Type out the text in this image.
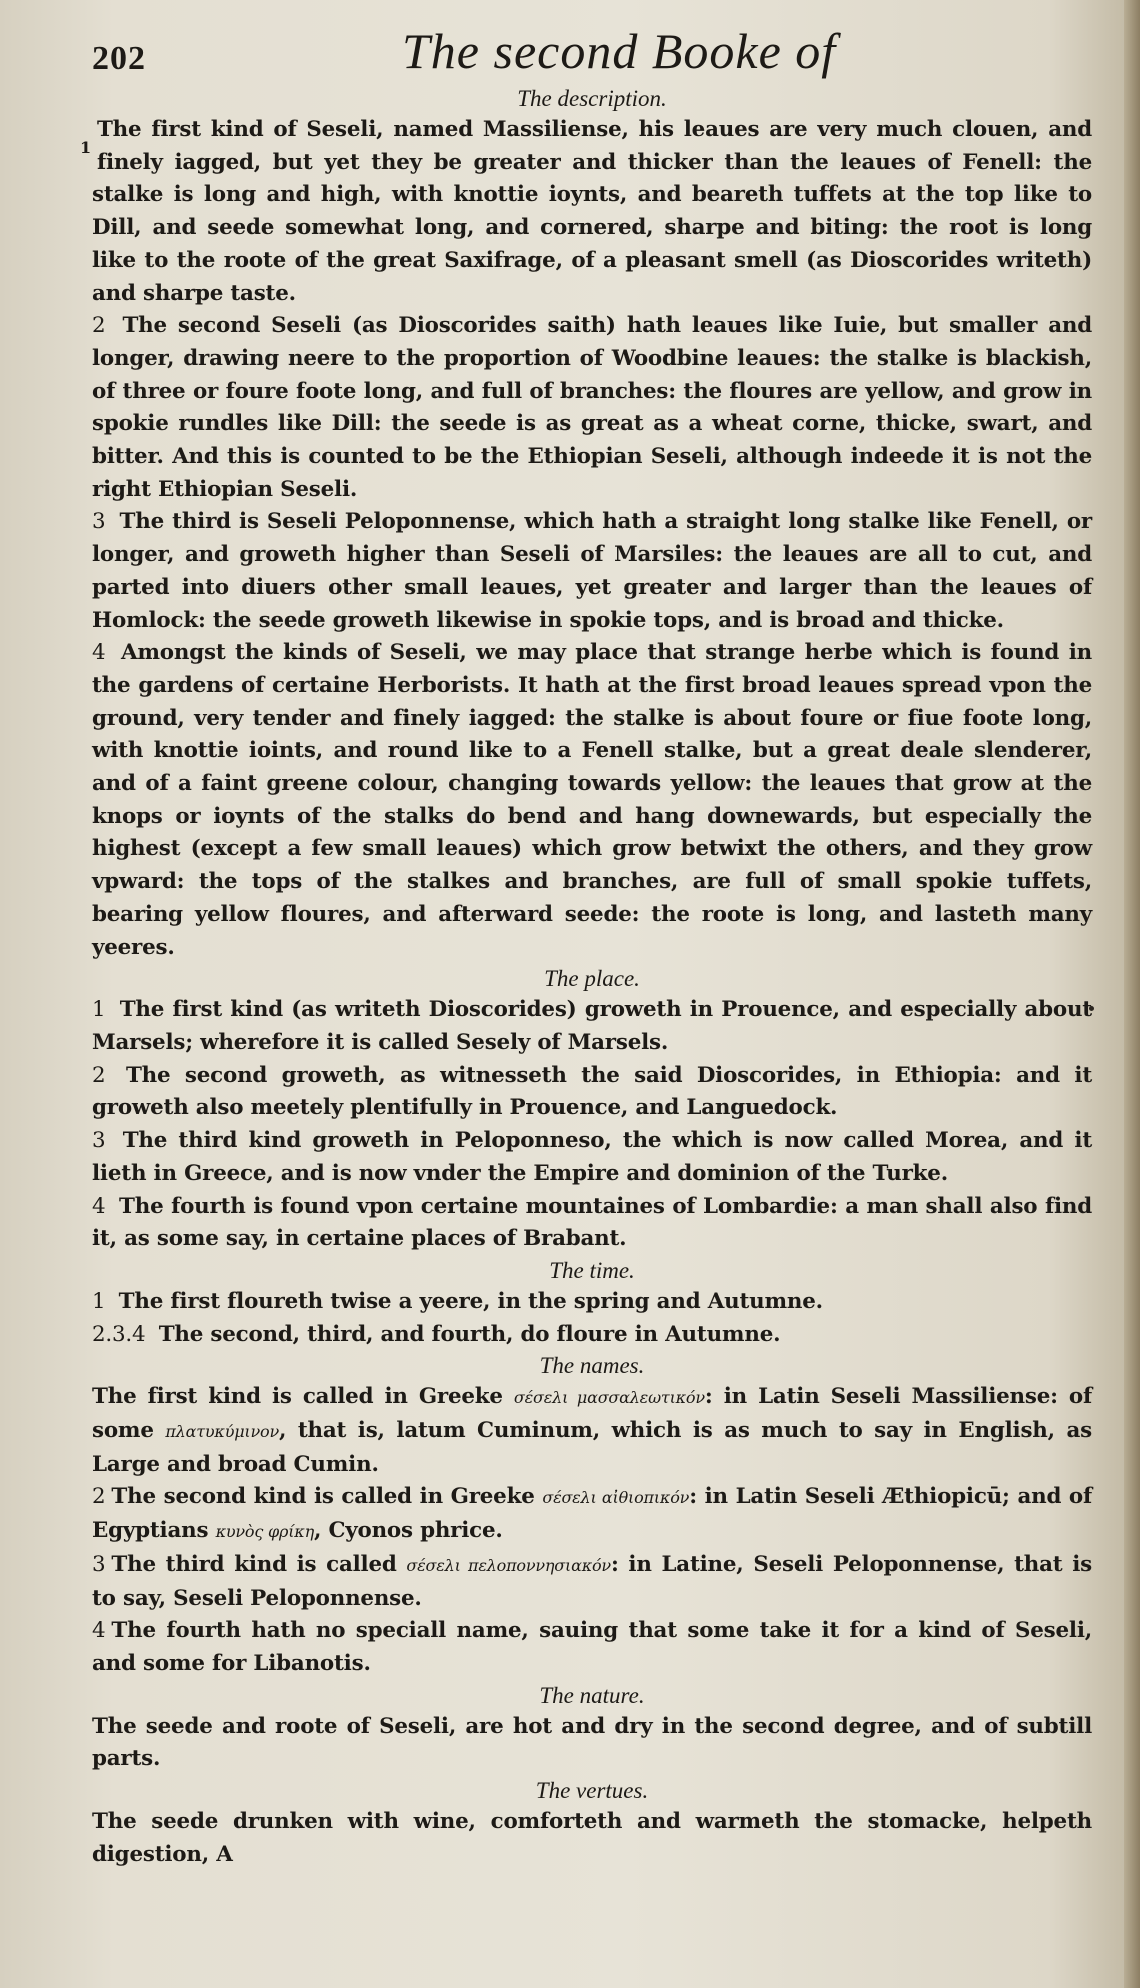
202	The second Booke of

The description.

1
The first kind of Seseli, named Massiliense, his leaues are very much clouen, and finely iagged, but yet they be greater and thicker than the leaues of Fenell: the stalke is long and high, with knottie ioynts, and beareth tuffets at the top like to Dill, and seede somewhat long, and cornered, sharpe and biting: the root is long like to the roote of the great Saxifrage, of a pleasant smell (as Dioscorides writeth) and sharpe taste.

2 The second Seseli (as Dioscorides saith) hath leaues like Iuie, but smaller and longer, drawing neere to the proportion of Woodbine leaues: the stalke is blackish, of three or foure foote long, and full of branches: the floures are yellow, and grow in spokie rundles like Dill: the seede is as great as a wheat corne, thicke, swart, and bitter. And this is counted to be the Ethiopian Seseli, although indeede it is not the right Ethiopian Seseli.

3 The third is Seseli Peloponnense, which hath a straight long stalke like Fenell, or longer, and groweth higher than Seseli of Marsiles: the leaues are all to cut, and parted into diuers other small leaues, yet greater and larger than the leaues of Homlock: the seede groweth likewise in spokie tops, and is broad and thicke.

4 Amongst the kinds of Seseli, we may place that strange herbe which is found in the gardens of certaine Herborists. It hath at the first broad leaues spread vpon the ground, very tender and finely iagged: the stalke is about foure or fiue foote long, with knottie ioints, and round like to a Fenell stalke, but a great deale slenderer, and of a faint greene colour, changing towards yellow: the leaues that grow at the knops or ioynts of the stalks do bend and hang downewards, but especially the highest (except a few small leaues) which grow betwixt the others, and they grow vpward: the tops of the stalkes and branches, are full of small spokie tuffets, bearing yellow floures, and afterward seede: the roote is long, and lasteth many yeeres.

The place.

1 The first kind (as writeth Dioscorides) groweth in Prouence, and especially about Marsels; wherefore it is called Sesely of Marsels.

2 The second groweth, as witnesseth the said Dioscorides, in Ethiopia: and it groweth also meetely plentifully in Prouence, and Languedock.

3 The third kind groweth in Peloponneso, the which is now called Morea, and it lieth in Greece, and is now vnder the Empire and dominion of the Turke.

4 The fourth is found vpon certaine mountaines of Lombardie: a man shall also find it, as some say, in certaine places of Brabant.

The time.

1 The first floureth twise a yeere, in the spring and Autumne.

2.3.4 The second, third, and fourth, do floure in Autumne.

The names.

The first kind is called in Greeke σέσελι μασσαλεωτικόν: in Latin Seseli Massiliense: of some πλατυκύμινον, that is, latum Cuminum, which is as much to say in English, as Large and broad Cumin.

2 The second kind is called in Greeke σέσελι αἰθιοπικόν: in Latin Seseli Æthiopicū; and of Egyptians κυνὸς φρίκη, Cyonos phrice.

3 The third kind is called σέσελι πελοποννησιακόν: in Latine, Seseli Peloponnense, that is to say, Seseli Peloponnense.

4 The fourth hath no speciall name, sauing that some take it for a kind of Seseli, and some for Libanotis.

The nature.

The seede and roote of Seseli, are hot and dry in the second degree, and of subtill parts.

The vertues.

The seede drunken with wine, comforteth and warmeth the stomacke, helpeth digestion, A
